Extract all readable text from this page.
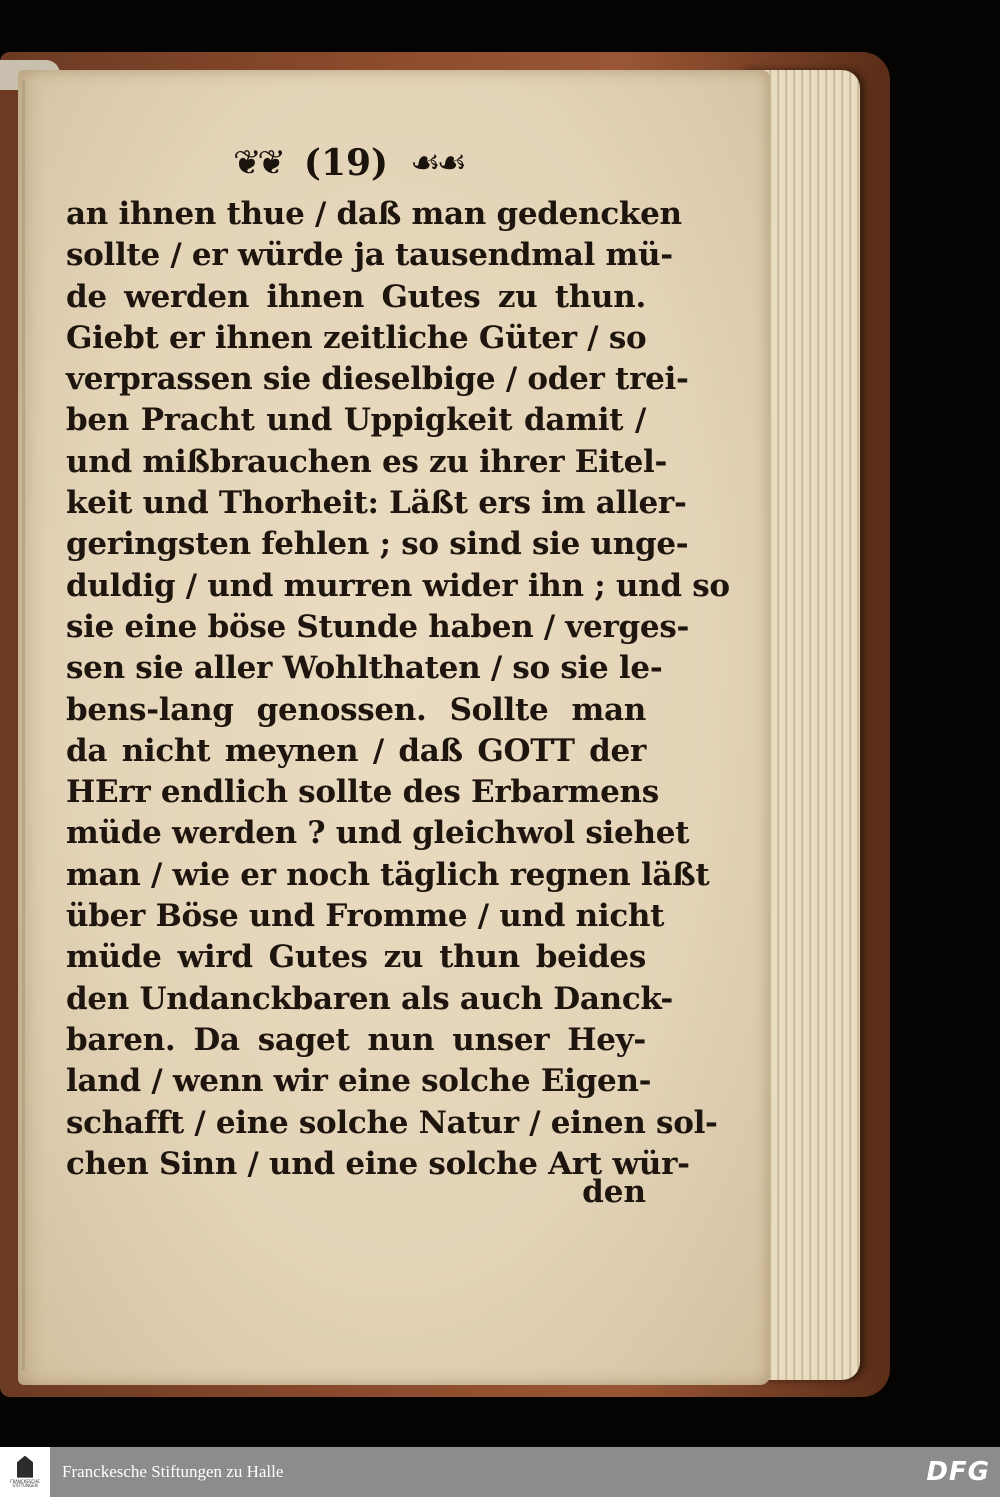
❦❦ (19) ☙☙
an ihnen thue / daß man gedencken
sollte / er würde ja tausendmal mü-
de werden ihnen Gutes zu thun.
Giebt er ihnen zeitliche Güter / so
verprassen sie dieselbige / oder trei-
ben Pracht und Uppigkeit damit /
und mißbrauchen es zu ihrer Eitel-
keit und Thorheit: Läßt ers im aller-
geringsten fehlen ; so sind sie unge-
duldig / und murren wider ihn ; und so
sie eine böse Stunde haben / verges-
sen sie aller Wohlthaten / so sie le-
bens-lang genossen. Sollte man
da nicht meynen / daß GOTT der
HErr endlich sollte des Erbarmens
müde werden ? und gleichwol siehet
man / wie er noch täglich regnen läßt
über Böse und Fromme / und nicht
müde wird Gutes zu thun beides
den Undanckbaren als auch Danck-
baren. Da saget nun unser Hey-
land / wenn wir eine solche Eigen-
schafft / eine solche Natur / einen sol-
chen Sinn / und eine solche Art wür-
den
FRANCKESCHE STIFTUNGEN
Franckesche Stiftungen zu Halle	DFG
